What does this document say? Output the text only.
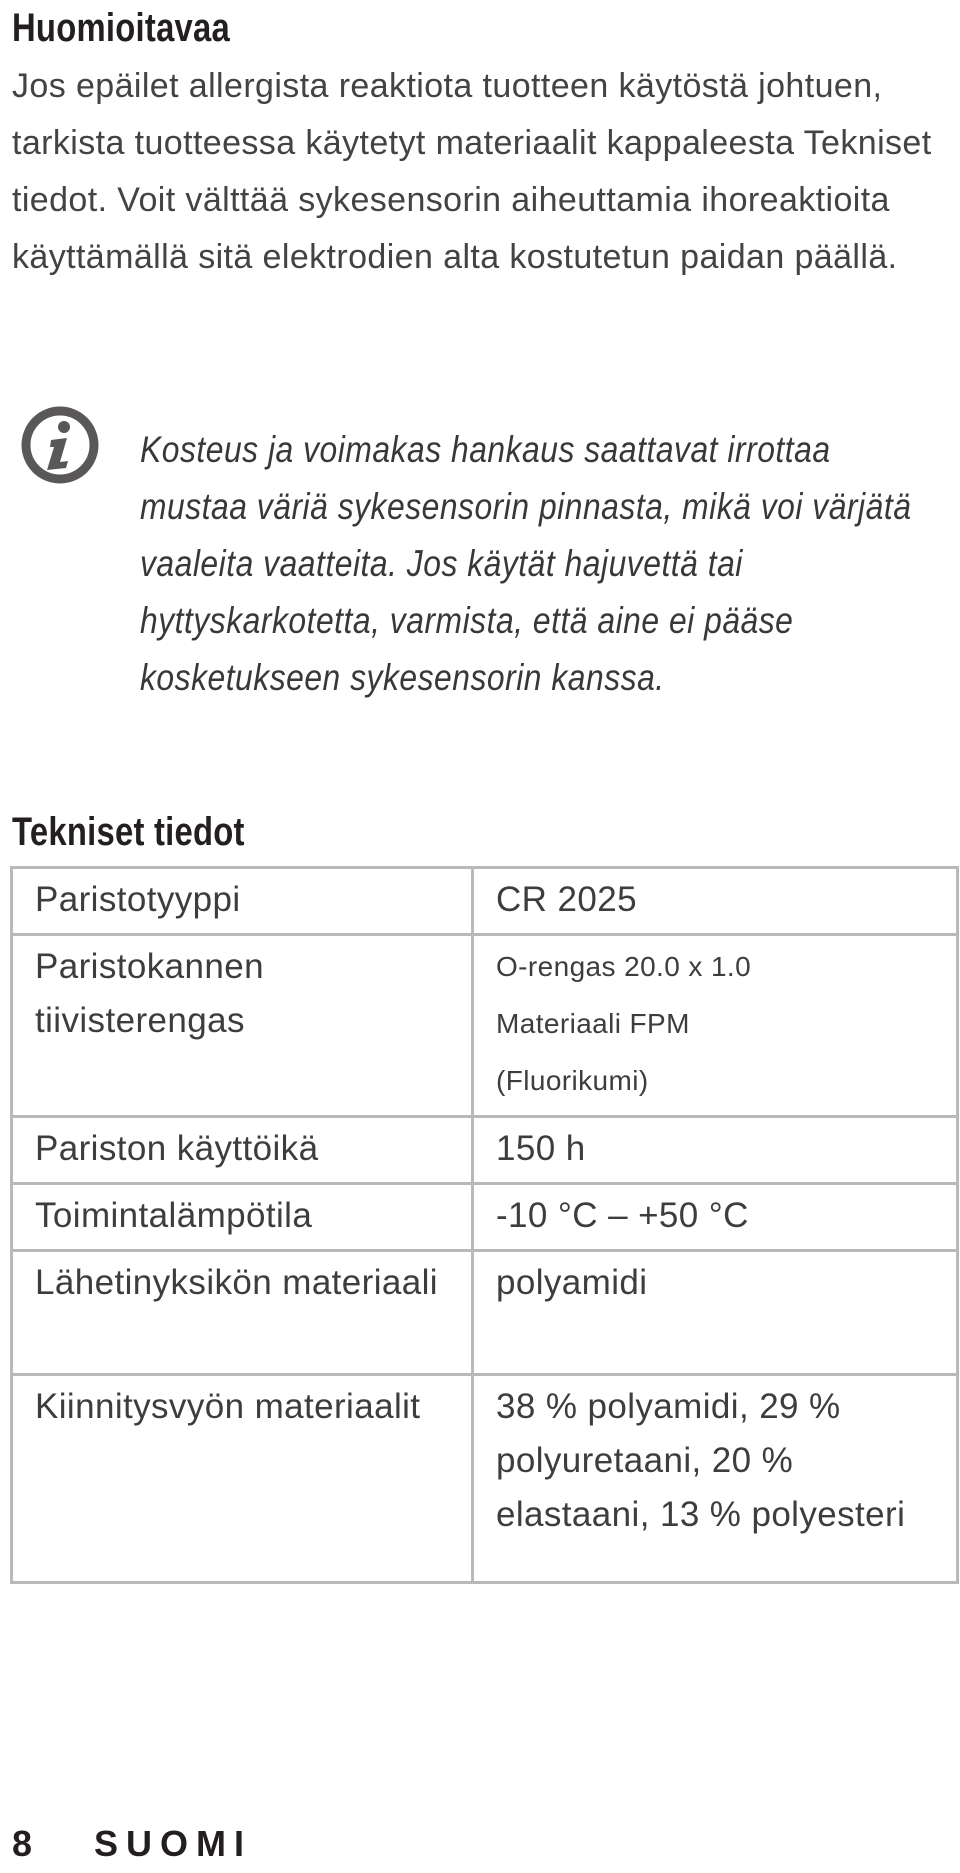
Huomioitavaa

Jos epäilet allergista reaktiota tuotteen käytöstä johtuen, tarkista tuotteessa käytetyt materiaalit kappaleesta Tekniset tiedot. Voit välttää sykesensorin aiheuttamia ihoreaktioita käyttämällä sitä elektrodien alta kostutetun paidan päällä.

Kosteus ja voimakas hankaus saattavat irrottaa mustaa väriä sykesensorin pinnasta, mikä voi värjätä vaaleita vaatteita. Jos käytät hajuvettä tai hyttyskarkotetta, varmista, että aine ei pääse kosketukseen sykesensorin kanssa.

Tekniset tiedot
Paristotyyppi	CR 2025
Paristokannen tiivisterengas	O-rengas 20.0 x 1.0
Materiaali FPM
(Fluorikumi)

Pariston käyttöikä	150 h
Toimintalämpötila	-10 °C – +50 °C
Lähetinyksikön materiaali	polyamidi
Kiinnitysvyön materiaalit	38 % polyamidi, 29 % polyuretaani, 20 % elastaani, 13 % polyesteri
8 SUOMI
